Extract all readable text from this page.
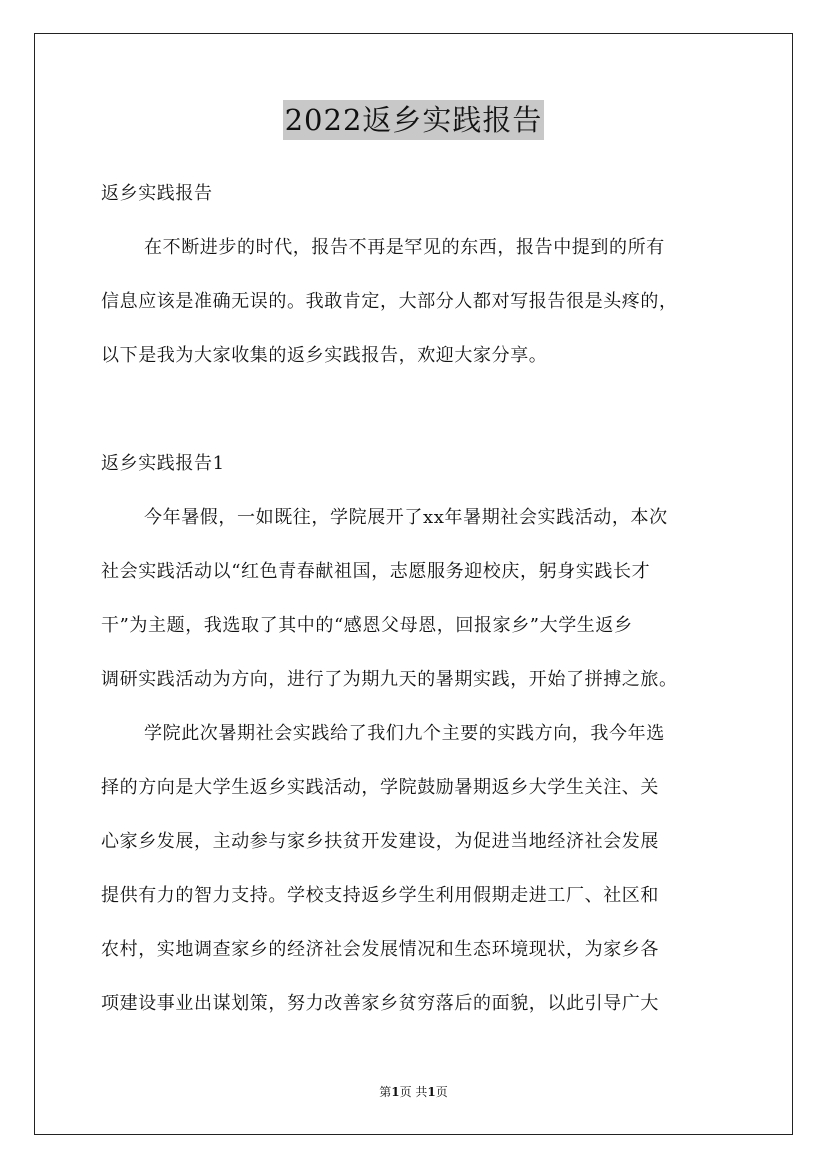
2022返乡实践报告
返乡实践报告
在不断进步的时代，报告不再是罕见的东西，报告中提到的所有
信息应该是准确无误的。我敢肯定，大部分人都对写报告很是头疼的，
以下是我为大家收集的返乡实践报告，欢迎大家分享。
返乡实践报告1
今年暑假，一如既往，学院展开了xx年暑期社会实践活动，本次
社会实践活动以“红色青春献祖国，志愿服务迎校庆，躬身实践长才
干”为主题，我选取了其中的“感恩父母恩，回报家乡”大学生返乡
调研实践活动为方向，进行了为期九天的暑期实践，开始了拼搏之旅。
学院此次暑期社会实践给了我们九个主要的实践方向，我今年选
择的方向是大学生返乡实践活动，学院鼓励暑期返乡大学生关注、关
心家乡发展，主动参与家乡扶贫开发建设，为促进当地经济社会发展
提供有力的智力支持。学校支持返乡学生利用假期走进工厂、社区和
农村，实地调查家乡的经济社会发展情况和生态环境现状，为家乡各
项建设事业出谋划策，努力改善家乡贫穷落后的面貌，以此引导广大
第1页 共1页
